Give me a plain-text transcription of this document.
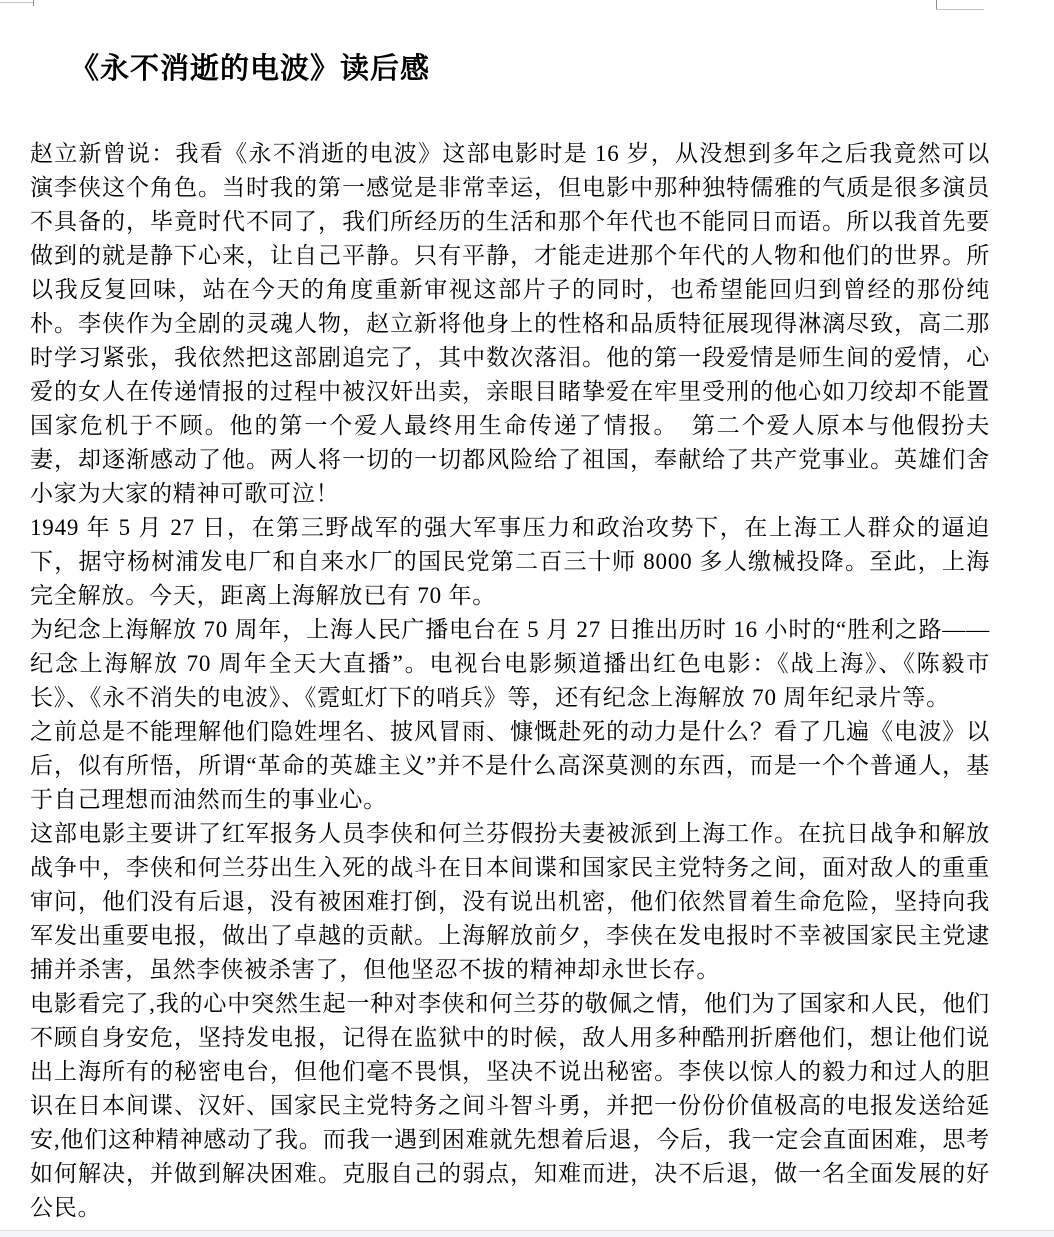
《永不消逝的电波》读后感

赵立新曾说：我看《永不消逝的电波》这部电影时是 16 岁，从没想到多年之后我竟然可以演李侠这个角色。当时我的第一感觉是非常幸运，但电影中那种独特儒雅的气质是很多演员不具备的，毕竟时代不同了，我们所经历的生活和那个年代也不能同日而语。所以我首先要做到的就是静下心来，让自己平静。只有平静，才能走进那个年代的人物和他们的世界。所以我反复回味，站在今天的角度重新审视这部片子的同时，也希望能回归到曾经的那份纯朴。李侠作为全剧的灵魂人物，赵立新将他身上的性格和品质特征展现得淋漓尽致，高二那时学习紧张，我依然把这部剧追完了，其中数次落泪。他的第一段爱情是师生间的爱情，心爱的女人在传递情报的过程中被汉奸出卖，亲眼目睹挚爱在牢里受刑的他心如刀绞却不能置国家危机于不顾。他的第一个爱人最终用生命传递了情报。　第二个爱人原本与他假扮夫妻，却逐渐感动了他。两人将一切的一切都风险给了祖国，奉献给了共产党事业。英雄们舍小家为大家的精神可歌可泣！

1949 年 5 月 27 日，在第三野战军的强大军事压力和政治攻势下，在上海工人群众的逼迫下，据守杨树浦发电厂和自来水厂的国民党第二百三十师 8000 多人缴械投降。至此，上海完全解放。今天，距离上海解放已有 70 年。

为纪念上海解放 70 周年，上海人民广播电台在 5 月 27 日推出历时 16 小时的“胜利之路——纪念上海解放 70 周年全天大直播”。电视台电影频道播出红色电影：《战上海》、《陈毅市长》、《永不消失的电波》、《霓虹灯下的哨兵》等，还有纪念上海解放 70 周年纪录片等。

之前总是不能理解他们隐姓埋名、披风冒雨、慷慨赴死的动力是什么？看了几遍《电波》以后，似有所悟，所谓“革命的英雄主义”并不是什么高深莫测的东西，而是一个个普通人，基于自己理想而油然而生的事业心。

这部电影主要讲了红军报务人员李侠和何兰芬假扮夫妻被派到上海工作。在抗日战争和解放战争中，李侠和何兰芬出生入死的战斗在日本间谍和国家民主党特务之间，面对敌人的重重审问，他们没有后退，没有被困难打倒，没有说出机密，他们依然冒着生命危险，坚持向我军发出重要电报，做出了卓越的贡献。上海解放前夕，李侠在发电报时不幸被国家民主党逮捕并杀害，虽然李侠被杀害了，但他坚忍不拔的精神却永世长存。

电影看完了,我的心中突然生起一种对李侠和何兰芬的敬佩之情，他们为了国家和人民，他们不顾自身安危，坚持发电报，记得在监狱中的时候，敌人用多种酷刑折磨他们，想让他们说出上海所有的秘密电台，但他们毫不畏惧，坚决不说出秘密。李侠以惊人的毅力和过人的胆识在日本间谍、汉奸、国家民主党特务之间斗智斗勇，并把一份份价值极高的电报发送给延安,他们这种精神感动了我。而我一遇到困难就先想着后退，今后，我一定会直面困难，思考如何解决，并做到解决困难。克服自己的弱点，知难而进，决不后退，做一名全面发展的好公民。
